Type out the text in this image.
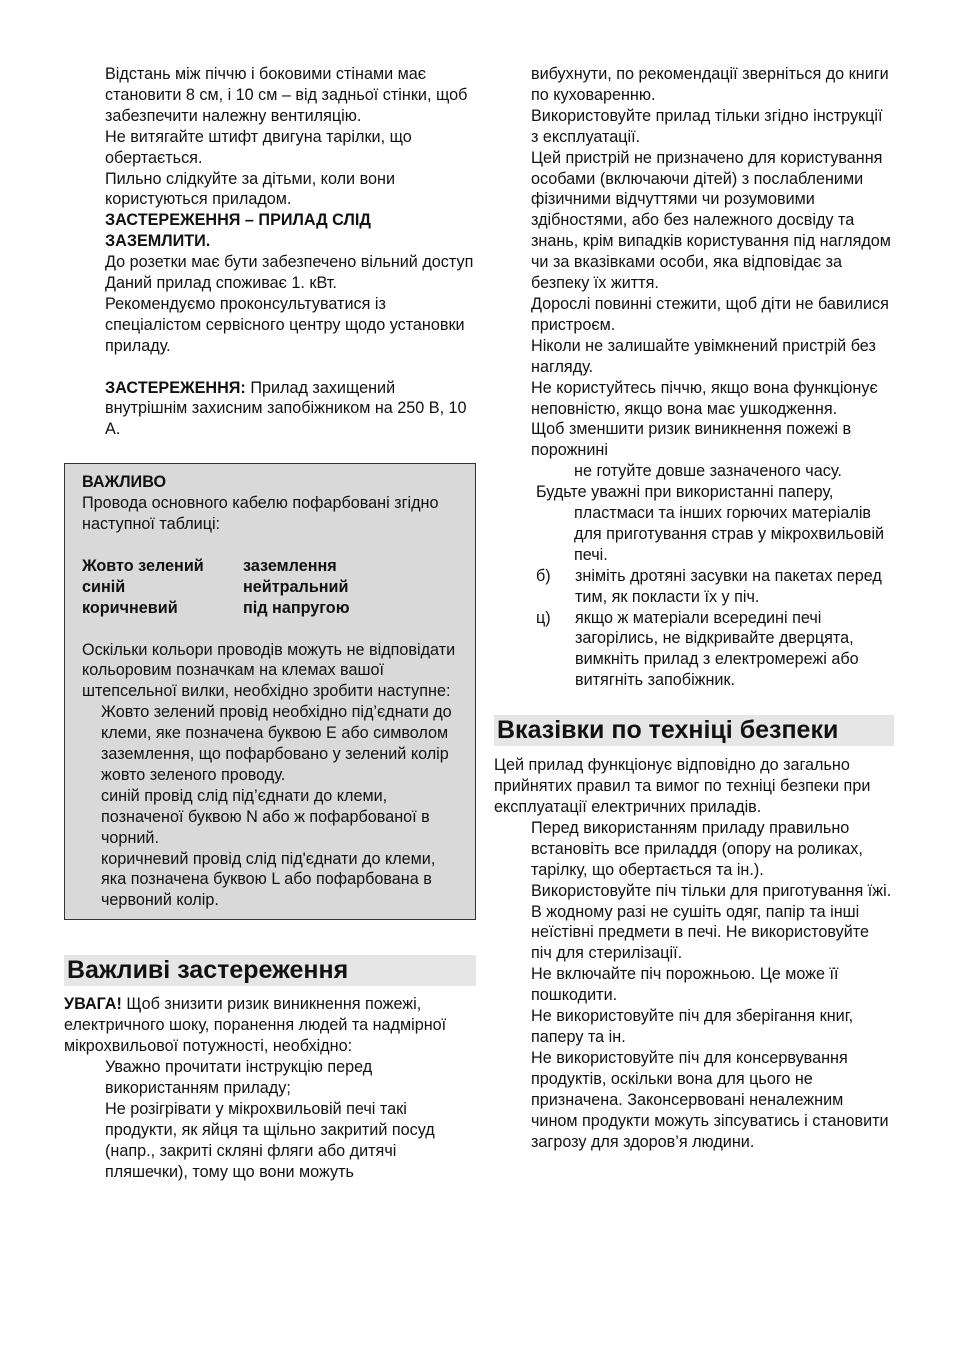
Відстань між піччю і боковими стінами має становити 8 см, і 10 см – від задньої стінки, щоб забезпечити належну вентиляцію.

Не витягайте штифт двигуна тарілки, що обертається.

Пильно слідкуйте за дітьми, коли вони користуються приладом.

ЗАСТЕРЕЖЕННЯ – ПРИЛАД СЛІД ЗАЗЕМЛИТИ.

До розетки має бути забезпечено вільний доступ

Даний прилад споживає 1. кВт.

Рекомендуємо проконсультуватися із спеціалістом сервісного центру щодо установки приладу.

ЗАСТЕРЕЖЕННЯ: Прилад захищений внутрішнім захисним запобіжником на 250 В, 10 А.

ВАЖЛИВО

Провода основного кабелю пофарбовані згідно наступної таблиці:

Жовто зелений	заземлення
синій	нейтральний
коричневий	під напругою

Оскільки кольори проводів можуть не відповідати кольоровим позначкам на клемах вашої штепсельної вилки, необхідно зробити наступне:

Жовто зелений провід необхідно під’єднати до клеми, яке позначена буквою Е або символом заземлення, що пофарбовано у зелений колір жовто зеленого проводу.

синій провід слід під’єднати до клеми, позначеної буквою N або ж пофарбованої в чорний.

коричневий провід слід під'єднати до клеми, яка позначена буквою L або пофарбована в червоний колір.

Важливі застереження

УВАГА! Щоб знизити ризик виникнення пожежі, електричного шоку, поранення людей та надмірної мікрохвильової потужності, необхідно:

Уважно прочитати інструкцію перед використанням приладу;

Не розігрівати у мікрохвильовій печі такі продукти, як яйця та щільно закритий посуд (напр., закриті скляні фляги або дитячі пляшечки), тому що вони можуть

вибухнути, по рекомендації зверніться до книги по куховаренню.

Використовуйте прилад тільки згідно інструкції з експлуатації.

Цей пристрій не призначено для користування особами (включаючи дітей) з послабленими фізичними відчуттями чи розумовими здібностями, або без належного досвіду та знань, крім випадків користування під наглядом чи за вказівками особи, яка відповідає за безпеку їх життя.

Дорослі повинні стежити, щоб діти не бавилися пристроєм.

Ніколи не залишайте увімкнений пристрій без нагляду.

Не користуйтесь піччю, якщо вона функціонує неповністю, якщо вона має ушкодження.

Щоб зменшити ризик виникнення пожежі в порожнині

не готуйте довше зазначеного часу.

Будьте уважні при використанні паперу, пластмаси та інших горючих матеріалів для приготування страв у мікрохвильовій печі.

б)	зніміть дротяні засувки на пакетах перед тим, як покласти їх у піч.
ц)	якщо ж матеріали всередині печі загорілись, не відкривайте дверцята, вимкніть прилад з електромережі або витягніть запобіжник.
Вказівки по техніці безпеки

Цей прилад функціонує відповідно до загально прийнятих правил та вимог по техніці безпеки при експлуатації електричних приладів.

Перед використанням приладу правильно встановіть все приладдя (опору на роликах, тарілку, що обертається та ін.).

Використовуйте піч тільки для приготування їжі. В жодному разі не сушіть одяг, папір та інші неїстівні предмети в печі. Не використовуйте піч для стерилізації.

Не включайте піч порожньою. Це може її пошкодити.

Не використовуйте піч для зберігання книг, паперу та ін.

Не використовуйте піч для консервування продуктів, оскільки вона для цього не призначена. Законсервовані неналежним чином продукти можуть зіпсуватись і становити загрозу для здоров’я людини.
